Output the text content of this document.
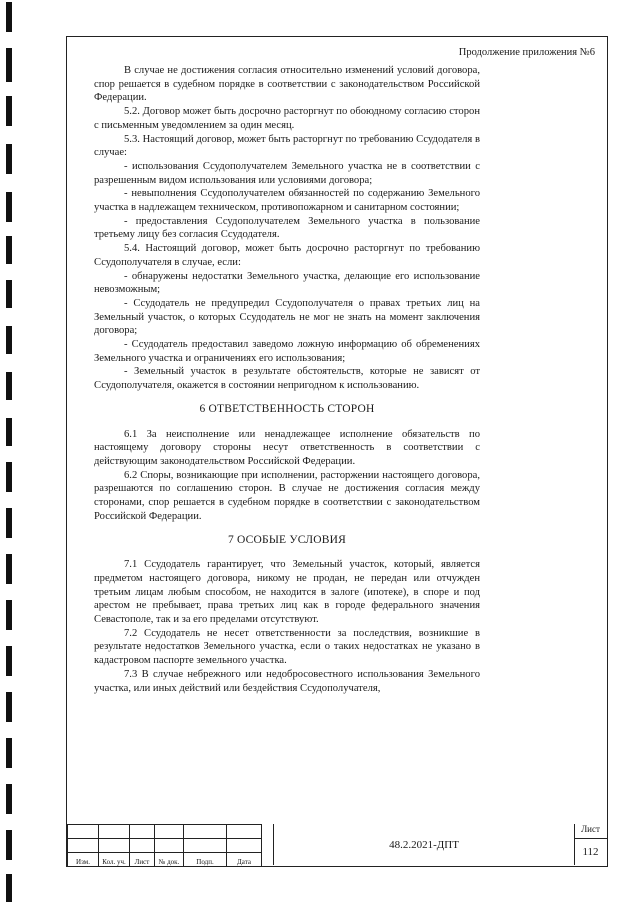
Продолжение приложения №6

Изм.	Кол. уч.	Лист	№ док.	Подп.	Дата
48.2.2021-ДПТ
Лист
112

В случае не достижения согласия относительно изменений условий договора, спор решается в судебном порядке в соответствии с законодательством Российской Федерации.

5.2. Договор может быть досрочно расторгнут по обоюдному согласию сторон с письменным уведомлением за один месяц.

5.3. Настоящий договор, может быть расторгнут по требованию Ссудодателя в случае:

- использования Ссудополучателем Земельного участка не в соответствии с разрешенным видом использования или условиями договора;

- невыполнения Ссудополучателем обязанностей по содержанию Земельного участка в надлежащем техническом, противопожарном и санитарном состоянии;

- предоставления Ссудополучателем Земельного участка в пользование третьему лицу без согласия Ссудодателя.

5.4. Настоящий договор, может быть досрочно расторгнут по требованию Ссудополучателя в случае, если:

- обнаружены недостатки Земельного участка, делающие его использование невозможным;

- Ссудодатель не предупредил Ссудополучателя о правах третьих лиц на Земельный участок, о которых Ссудодатель не мог не знать на момент заключения договора;

- Ссудодатель предоставил заведомо ложную информацию об обременениях Земельного участка и ограничениях его использования;

- Земельный участок в результате обстоятельств, которые не зависят от Ссудополучателя, окажется в состоянии непригодном к использованию.

6 ОТВЕТСТВЕННОСТЬ СТОРОН

6.1 За неисполнение или ненадлежащее исполнение обязательств по настоящему договору стороны несут ответственность в соответствии с действующим законодательством Российской Федерации.

6.2 Споры, возникающие при исполнении, расторжении настоящего договора, разрешаются по соглашению сторон. В случае не достижения согласия между сторонами, спор решается в судебном порядке в соответствии с законодательством Российской Федерации.

7 ОСОБЫЕ УСЛОВИЯ

7.1 Ссудодатель гарантирует, что Земельный участок, который, является предметом настоящего договора, никому не продан, не передан или отчужден третьим лицам любым способом, не находится в залоге (ипотеке), в споре и под арестом не пребывает, права третьих лиц как в городе федерального значения Севастополе, так и за его пределами отсутствуют.

7.2 Ссудодатель не несет ответственности за последствия, возникшие в результате недостатков Земельного участка, если о таких недостатках не указано в кадастровом паспорте земельного участка.

7.3 В случае небрежного или недобросовестного использования Земельного участка, или иных действий или бездействия Ссудополучателя,
